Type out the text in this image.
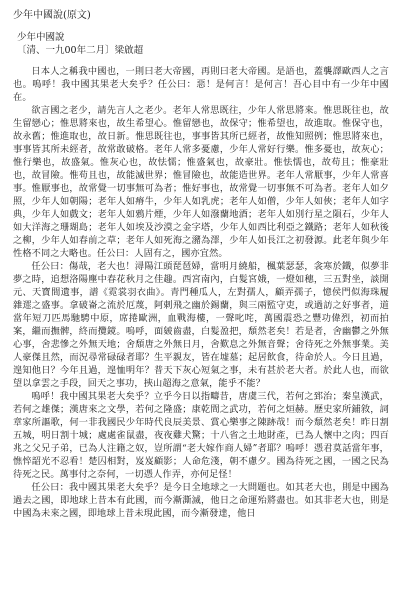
少年中國說(原文)
少年中國說
〔清、一九00年二月〕梁啟超

日本人之稱我中國也，一則曰老大帝國，再則曰老大帝國。是語也，蓋襲譯歐西人之言也。嗚呼！我中國其果老大矣乎？任公曰：惡！是何言！是何言！吾心目中有一少年中國在。

欲言國之老少，請先言人之老少。老年人常思既往，少年人常思將來。惟思既往也，故生留戀心；惟思將來也，故生希望心。惟留戀也，故保守；惟希望也，故進取。惟保守也，故永舊；惟進取也，故日新。惟思既往也，事事皆其所已經者，故惟知照例；惟思將來也，事事皆其所未經者，故常敢破格。老年人常多憂慮，少年人常好行樂。惟多憂也，故灰心；惟行樂也，故盛氣。惟灰心也，故怯懦；惟盛氣也，故豪壯。惟怯懦也，故苟且；惟豪壯也，故冒險。惟苟且也，故能滅世界；惟冒險也，故能造世界。老年人常厭事，少年人常喜事。惟厭事也，故常覺一切事無可為者；惟好事也，故常覺一切事無不可為者。老年人如夕照，少年人如朝陽；老年人如瘠牛，少年人如乳虎；老年人如僧，少年人如俠；老年人如字典，少年人如戲文；老年人如鴉片煙，少年人如潑蘭地酒；老年人如別行星之隕石，少年人如大洋海之珊瑚島；老年人如埃及沙漠之金字塔，少年人如西比利亞之鐵路；老年人如秋後之柳，少年人如春前之草；老年人如死海之瀦為澤，少年人如長江之初發源。此老年與少年性格不同之大略也。任公曰：人固有之，國亦宜然。

任公曰：傷哉，老大也！潯陽江頭琵琶婦，當明月繞船，楓葉瑟瑟，衾寒於鐵，似夢非夢之時，追想洛陽塵中春花秋月之佳趣。西宮南內，白髮宮娥，一燈如穗，三五對坐，談開元、天寶間遺事，譜《霓裳羽衣曲》。青門種瓜人，左對孺人，顧弄孺子，憶侯門似海珠履雜遝之盛事。拿破崙之流於厄蔑，阿剌飛之幽於錫蘭，與三兩監守吏，或過訪之好事者，道當年短刀匹馬馳騁中原，席捲歐洲，血戰海樓，一聲叱咤，萬國震恐之豐功偉烈，初而拍案，繼而撫髀，終而攬鏡。嗚呼，面皴齒盡，白髮盈把，頹然老矣！若是者，舍幽鬱之外無心事，舍悲慘之外無天地；舍頹唐之外無日月，舍歎息之外無音聲；舍待死之外無事業。美人豪傑且然，而況尋常碌碌者耶？生平親友，皆在墟墓；起居飲食，待命於人。今日且過，遑知他日？今年且過，遑恤明年？普天下灰心短氣之事，未有甚於老大者。於此人也，而欲望以拿雲之手段，回天之事功，挾山超海之意氣，能乎不能？

嗚呼！我中國其果老大矣乎？立乎今日以指疇昔，唐虞三代，若何之郅治；秦皇漢武，若何之雄傑；漢唐來之文學，若何之隆盛；康乾間之武功，若何之烜赫。歷史家所鋪敘，詞章家所謳歌，何一非我國民少年時代良辰美景、賞心樂事之陳跡哉！而今頹然老矣！昨日割五城，明日割十城；處處雀鼠盡，夜夜雞犬驚；十八省之土地財產，已為人懷中之肉；四百兆之父兄子弟，已為人注籍之奴，豈所謂“老大嫁作商人婦”者耶？嗚呼！憑君莫話當年事，憔悴韶光不忍看！楚囚相對，岌岌顧影；人命危淺，朝不慮夕。國為待死之國，一國之民為待死之民。萬事付之奈何，一切憑人作弄，亦何足怪！

任公曰：我中國其果老大矣乎？是今日全地球之一大問題也。如其老大也，則是中國為過去之國，即地球上昔本有此國，而今漸澌滅，他日之命運殆將盡也。如其非老大也，則是中國為未來之國，即地球上昔未現此國，而今漸發達，他日
